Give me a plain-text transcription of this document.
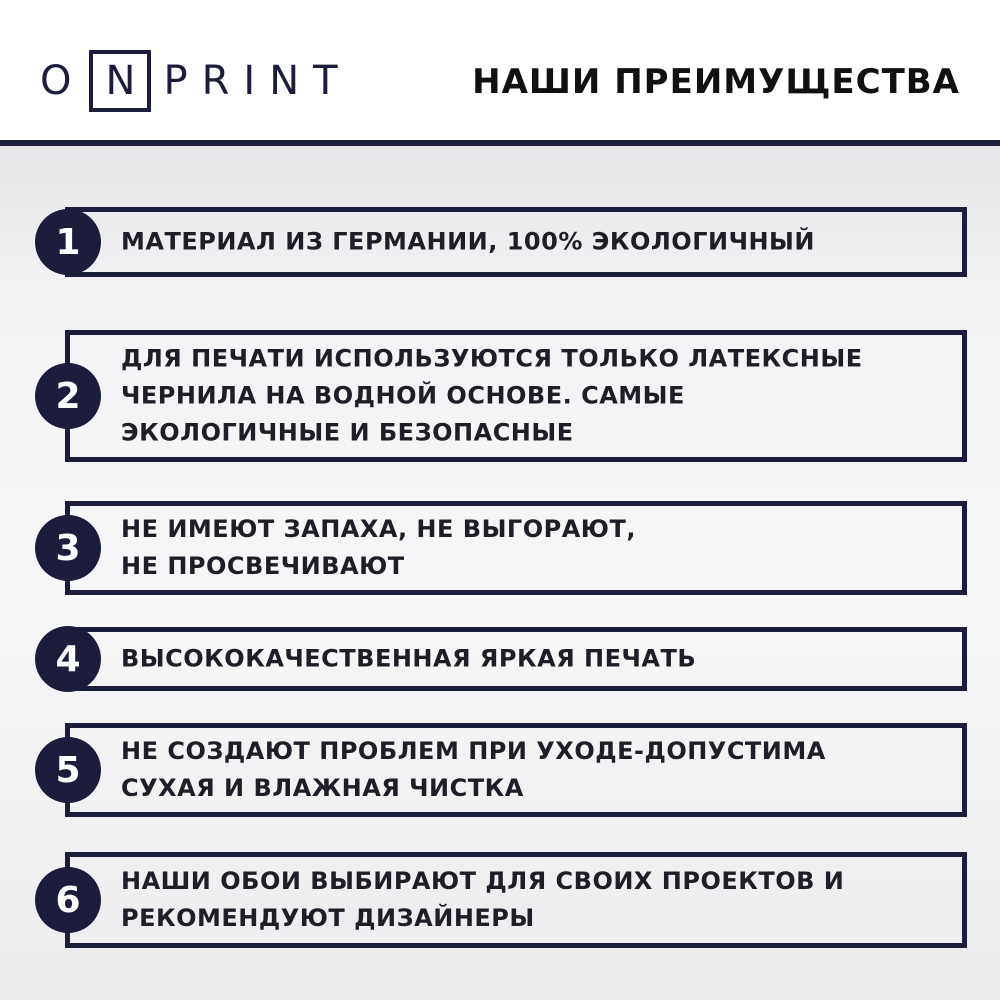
O N PRINT	НАШИ ПРЕИМУЩЕСТВА
1	МАТЕРИАЛ ИЗ ГЕРМАНИИ, 100% ЭКОЛОГИЧНЫЙ
2
ДЛЯ ПЕЧАТИ ИСПОЛЬЗУЮТСЯ ТОЛЬКО ЛАТЕКСНЫЕ
ЧЕРНИЛА НА ВОДНОЙ ОСНОВЕ. САМЫЕ
ЭКОЛОГИЧНЫЕ И БЕЗОПАСНЫЕ
3	НЕ ИМЕЮТ ЗАПАХА, НЕ ВЫГОРАЮТ,
НЕ ПРОСВЕЧИВАЮТ
4	ВЫСОКОКАЧЕСТВЕННАЯ ЯРКАЯ ПЕЧАТЬ
5	НЕ СОЗДАЮТ ПРОБЛЕМ ПРИ УХОДЕ-ДОПУСТИМА
СУХАЯ И ВЛАЖНАЯ ЧИСТКА
6	НАШИ ОБОИ ВЫБИРАЮТ ДЛЯ СВОИХ ПРОЕКТОВ И
РЕКОМЕНДУЮТ ДИЗАЙНЕРЫ
